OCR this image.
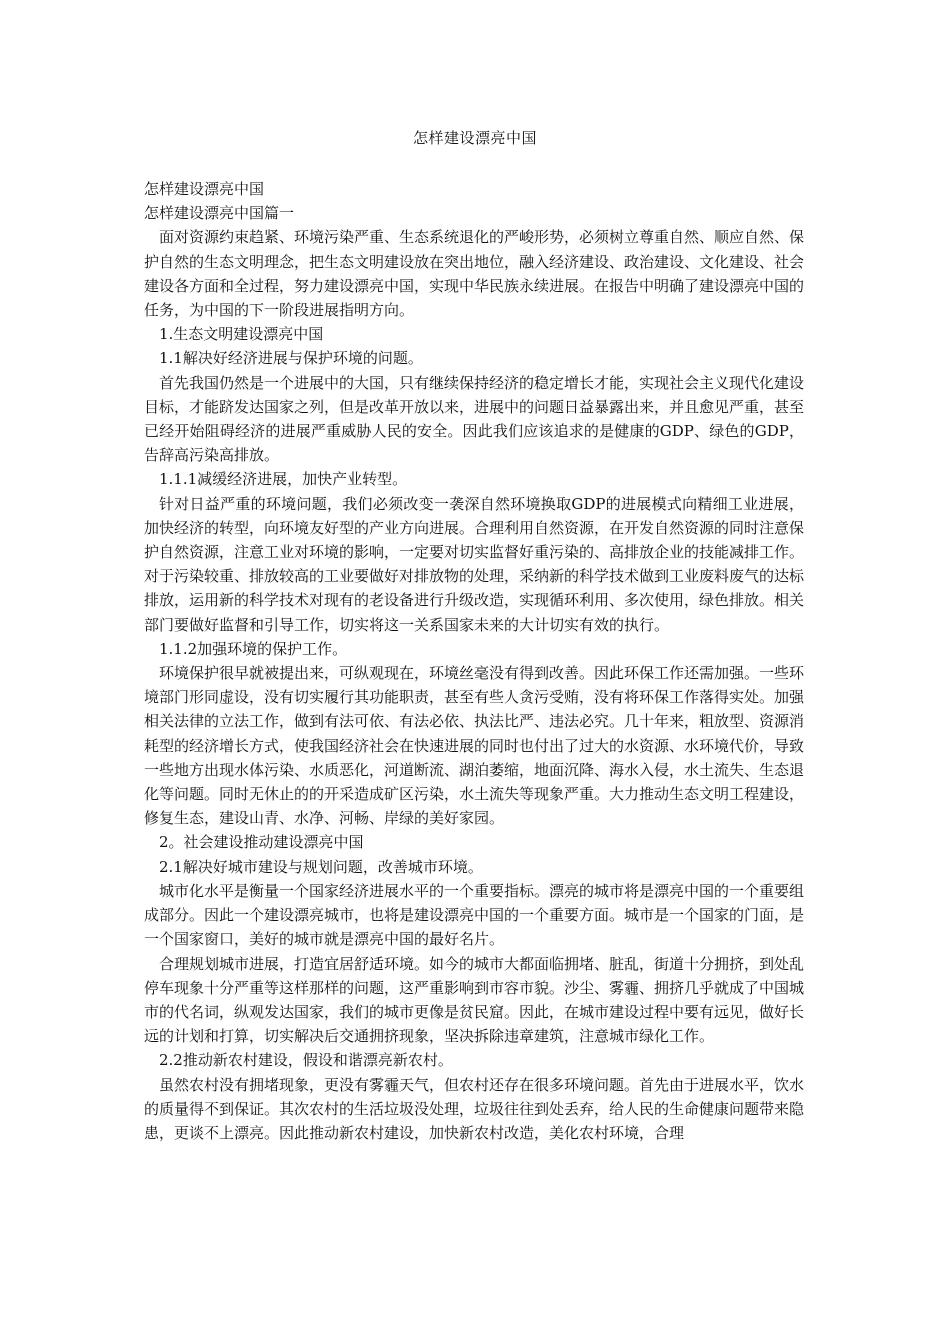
怎样建设漂亮中国

怎样建设漂亮中国

怎样建设漂亮中国篇一

面对资源约束趋紧、环境污染严重、生态系统退化的严峻形势，必须树立尊重自然、顺应自然、保护自然的生态文明理念，把生态文明建设放在突出地位，融入经济建设、政治建设、文化建设、社会建设各方面和全过程，努力建设漂亮中国，实现中华民族永续进展。在报告中明确了建设漂亮中国的任务，为中国的下一阶段进展指明方向。

1.生态文明建设漂亮中国

1.1解决好经济进展与保护环境的问题。

首先我国仍然是一个进展中的大国，只有继续保持经济的稳定增长才能，实现社会主义现代化建设目标，才能跻发达国家之列，但是改革开放以来，进展中的问题日益暴露出来，并且愈见严重，甚至已经开始阻碍经济的进展严重威胁人民的安全。因此我们应该追求的是健康的GDP、绿色的GDP，告辞高污染高排放。

1.1.1减缓经济进展，加快产业转型。

针对日益严重的环境问题，我们必须改变一袭深自然环境换取GDP的进展模式向精细工业进展，加快经济的转型，向环境友好型的产业方向进展。合理利用自然资源，在开发自然资源的同时注意保护自然资源，注意工业对环境的影响，一定要对切实监督好重污染的、高排放企业的技能减排工作。对于污染较重、排放较高的工业要做好对排放物的处理，采纳新的科学技术做到工业废料废气的达标排放，运用新的科学技术对现有的老设备进行升级改造，实现循环利用、多次使用，绿色排放。相关部门要做好监督和引导工作，切实将这一关系国家未来的大计切实有效的执行。

1.1.2加强环境的保护工作。

环境保护很早就被提出来，可纵观现在，环境丝毫没有得到改善。因此环保工作还需加强。一些环境部门形同虚设，没有切实履行其功能职责，甚至有些人贪污受贿，没有将环保工作落得实处。加强相关法律的立法工作，做到有法可依、有法必依、执法比严、违法必究。几十年来，粗放型、资源消耗型的经济增长方式，使我国经济社会在快速进展的同时也付出了过大的水资源、水环境代价，导致一些地方出现水体污染、水质恶化，河道断流、湖泊萎缩，地面沉降、海水入侵，水土流失、生态退化等问题。同时无休止的的开采造成矿区污染，水土流失等现象严重。大力推动生态文明工程建设，修复生态，建设山青、水净、河畅、岸绿的美好家园。

2。社会建设推动建设漂亮中国

2.1解决好城市建设与规划问题，改善城市环境。

城市化水平是衡量一个国家经济进展水平的一个重要指标。漂亮的城市将是漂亮中国的一个重要组成部分。因此一个建设漂亮城市，也将是建设漂亮中国的一个重要方面。城市是一个国家的门面，是一个国家窗口，美好的城市就是漂亮中国的最好名片。

合理规划城市进展，打造宜居舒适环境。如今的城市大都面临拥堵、脏乱，街道十分拥挤，到处乱停车现象十分严重等这样那样的问题，这严重影响到市容市貌。沙尘、雾霾、拥挤几乎就成了中国城市的代名词，纵观发达国家，我们的城市更像是贫民窟。因此，在城市建设过程中要有远见，做好长远的计划和打算，切实解决后交通拥挤现象，坚决拆除违章建筑，注意城市绿化工作。

2.2推动新农村建设，假设和谐漂亮新农村。

虽然农村没有拥堵现象，更没有雾霾天气，但农村还存在很多环境问题。首先由于进展水平，饮水的质量得不到保证。其次农村的生活垃圾没处理，垃圾往往到处丢弃，给人民的生命健康问题带来隐患，更谈不上漂亮。因此推动新农村建设，加快新农村改造，美化农村环境，合理
